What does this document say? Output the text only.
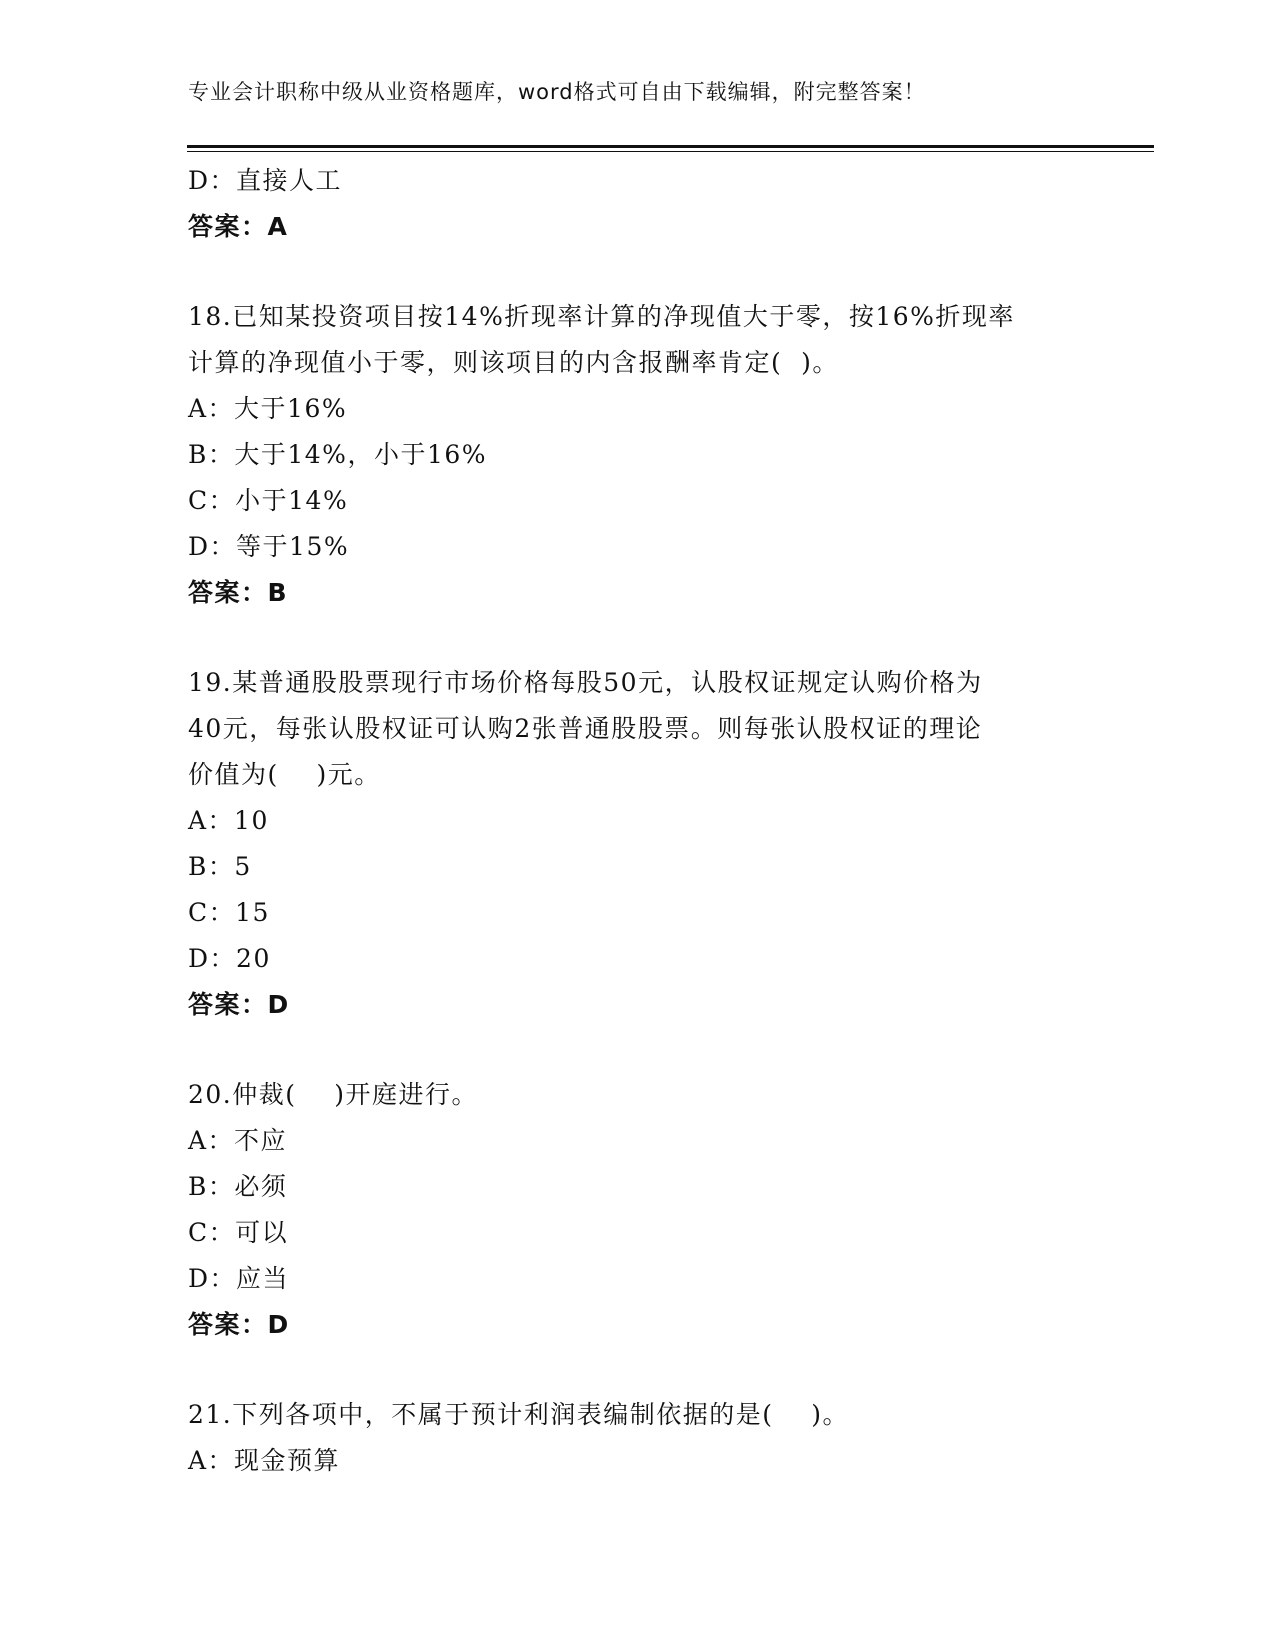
专业会计职称中级从业资格题库，word格式可自由下载编辑，附完整答案！
D：直接人工
答案：A
18.已知某投资项目按14%折现率计算的净现值大于零，按16%折现率
计算的净现值小于零，则该项目的内含报酬率肯定(  )。
A：大于16%
B：大于14%，小于16%
C：小于14%
D：等于15%
答案：B
19.某普通股股票现行市场价格每股50元，认股权证规定认购价格为
40元，每张认股权证可认购2张普通股股票。则每张认股权证的理论
价值为(    )元。
A：10
B：5
C：15
D：20
答案：D
20.仲裁(    )开庭进行。
A：不应
B：必须
C：可以
D：应当
答案：D
21.下列各项中，不属于预计利润表编制依据的是(    )。
A：现金预算
